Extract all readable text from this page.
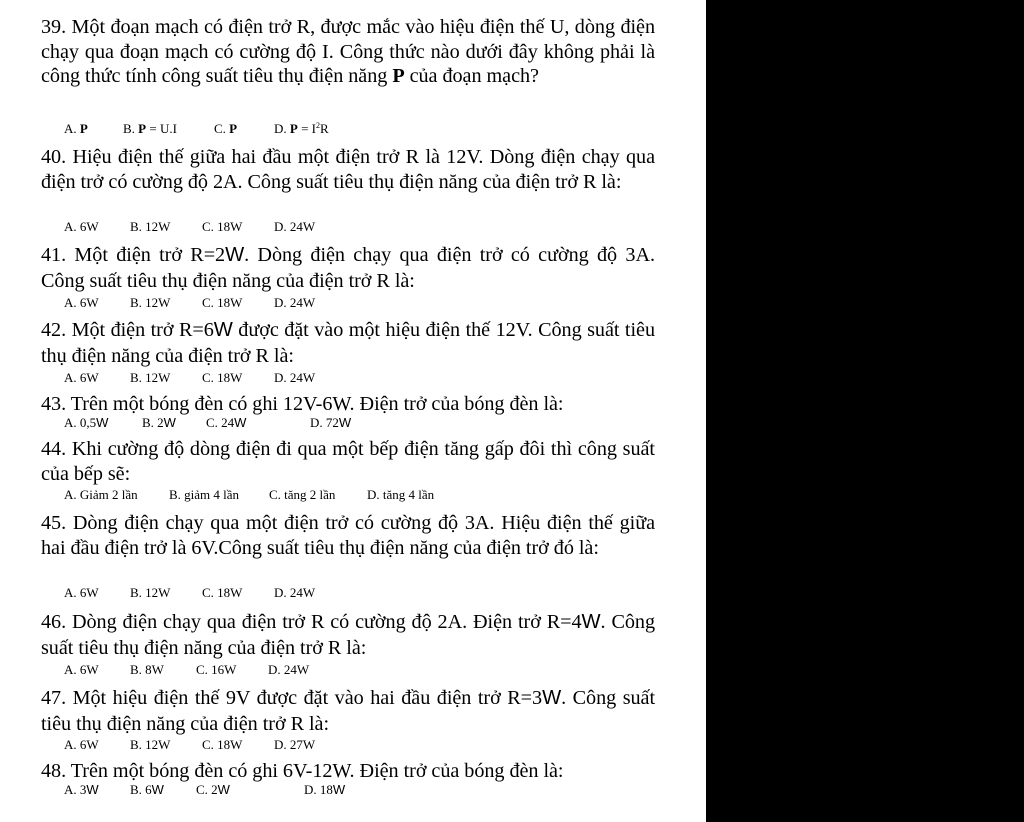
39. Một đoạn mạch có điện trở R, được mắc vào hiệu điện thế U, dòng điện chạy qua đoạn mạch có cường độ I. Công thức nào dưới đây không phải là công thức tính công suất tiêu thụ điện năng P của đoạn mạch?

A. P	B. P = U.I	C. P	D. $P = I^2R$

40. Hiệu điện thế giữa hai đầu một điện trở R là 12V. Dòng điện chạy qua điện trở có cường độ 2A. Công suất tiêu thụ điện năng của điện trở R là:

A. 6W B. 12W C. 18W D. 24W

41. Một điện trở R=2W. Dòng điện chạy qua điện trở có cường độ 3A. Công suất tiêu thụ điện năng của điện trở R là:

A. 6W B. 12W C. 18W D. 24W

42. Một điện trở R=6W được đặt vào một hiệu điện thế 12V. Công suất tiêu thụ điện năng của điện trở R là:

A. 6W B. 12W C. 18W D. 24W

43. Trên một bóng đèn có ghi 12V-6W. Điện trở của bóng đèn là:

A. 0,5W	B. 2W C. 24W	D. 72W

44. Khi cường độ dòng điện đi qua một bếp điện tăng gấp đôi thì công suất của bếp sẽ:

A. Giảm 2 lần B. giảm 4 lần C. tăng 2 lần D. tăng 4 lần

45. Dòng điện chạy qua một điện trở có cường độ 3A. Hiệu điện thế giữa hai đầu điện trở là 6V.Công suất tiêu thụ điện năng của điện trở đó là:

A. 6W B. 12W C. 18W D. 24W

46. Dòng điện chạy qua điện trở R có cường độ 2A. Điện trở R=4W. Công suất tiêu thụ điện năng của điện trở R là:

A. 6W B. 8W C. 16W D. 24W

47. Một hiệu điện thế 9V được đặt vào hai đầu điện trở R=3W. Công suất tiêu thụ điện năng của điện trở R là:

A. 6W B. 12W C. 18W D. 27W

48. Trên một bóng đèn có ghi 6V-12W. Điện trở của bóng đèn là:

A. 3W B. 6W C. 2W	D. 18W
